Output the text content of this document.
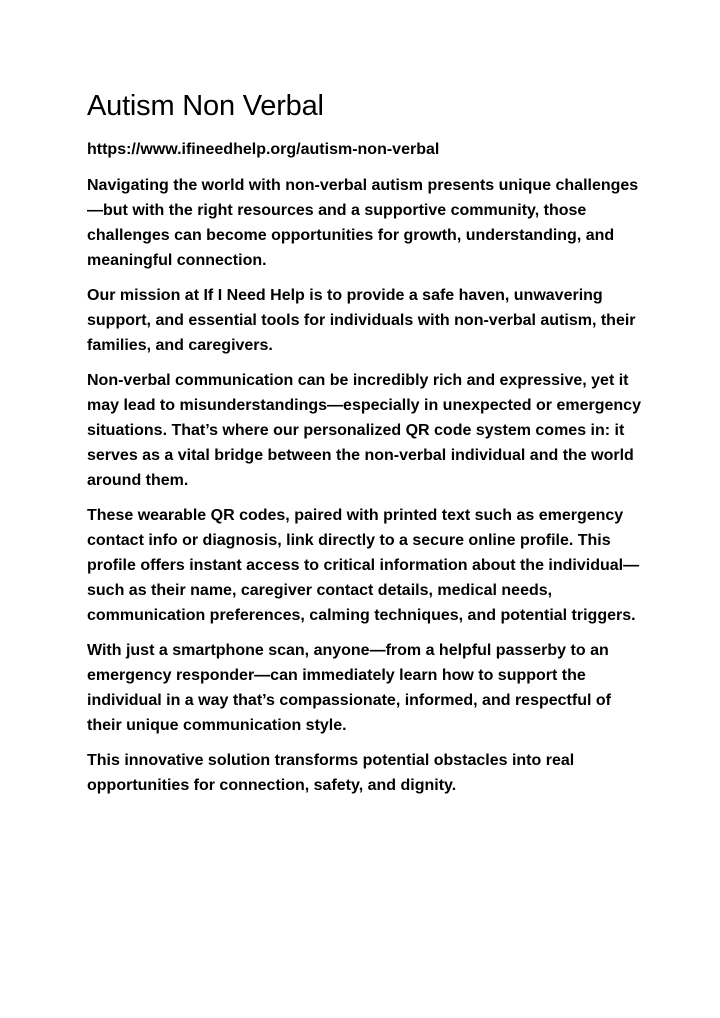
Autism Non Verbal
https://www.ifineedhelp.org/autism-non-verbal

Navigating the world with non-verbal autism presents unique challenges—but with the right resources and a supportive community, those challenges can become opportunities for growth, understanding, and meaningful connection.

Our mission at If I Need Help is to provide a safe haven, unwavering support, and essential tools for individuals with non-verbal autism, their families, and caregivers.

Non-verbal communication can be incredibly rich and expressive, yet it may lead to misunderstandings—especially in unexpected or emergency situations. That’s where our personalized QR code system comes in: it serves as a vital bridge between the non-verbal individual and the world around them.

These wearable QR codes, paired with printed text such as emergency contact info or diagnosis, link directly to a secure online profile. This profile offers instant access to critical information about the individual—such as their name, caregiver contact details, medical needs, communication preferences, calming techniques, and potential triggers.

With just a smartphone scan, anyone—from a helpful passerby to an emergency responder—can immediately learn how to support the individual in a way that’s compassionate, informed, and respectful of their unique communication style.

This innovative solution transforms potential obstacles into real opportunities for connection, safety, and dignity.
